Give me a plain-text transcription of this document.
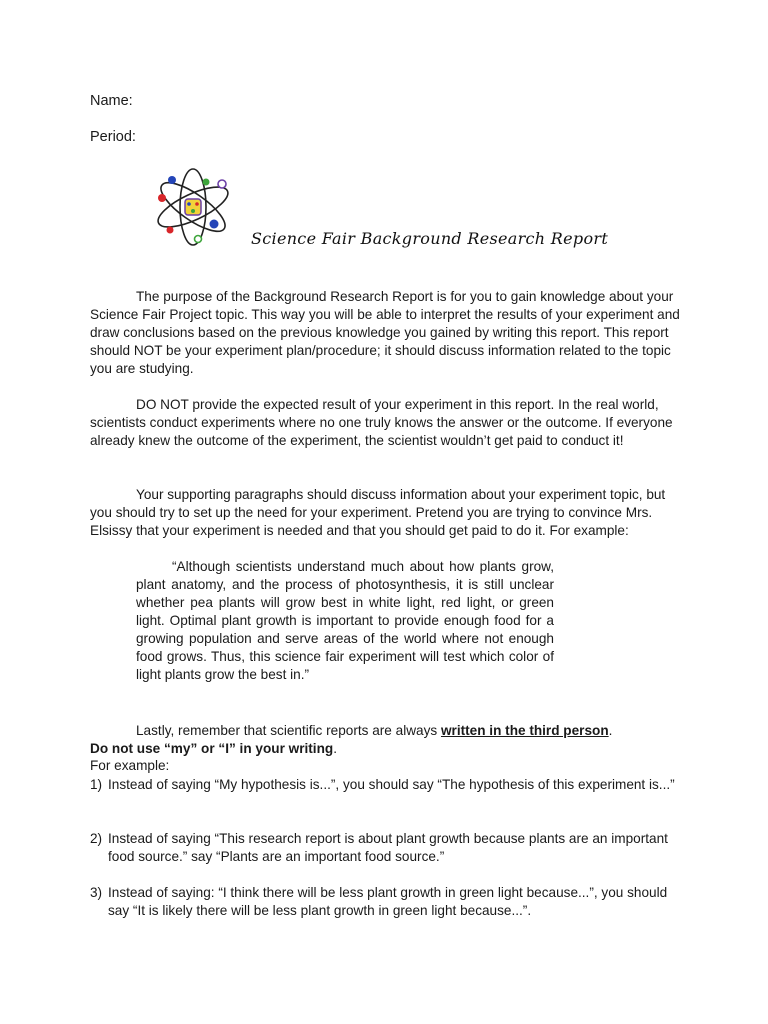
Name:
Period:
Science Fair Background Research Report

The purpose of the Background Research Report is for you to gain knowledge about your Science Fair Project topic. This way you will be able to interpret the results of your experiment and draw conclusions based on the previous knowledge you gained by writing this report. This report should NOT be your experiment plan/procedure; it should discuss information related to the topic you are studying.

DO NOT provide the expected result of your experiment in this report. In the real world, scientists conduct experiments where no one truly knows the answer or the outcome. If everyone already knew the outcome of the experiment, the scientist wouldn’t get paid to conduct it!

Your supporting paragraphs should discuss information about your experiment topic, but you should try to set up the need for your experiment. Pretend you are trying to convince Mrs. Elsissy that your experiment is needed and that you should get paid to do it. For example:

“Although scientists understand much about how plants grow, plant anatomy, and the process of photosynthesis, it is still unclear whether pea plants will grow best in white light, red light, or green light. Optimal plant growth is important to provide enough food for a growing population and serve areas of the world where not enough food grows. Thus, this science fair experiment will test which color of light plants grow the best in.”

Lastly, remember that scientific reports are always written in the third person.
Do not use “my” or “I” in your writing.

For example:
1) Instead of saying “My hypothesis is...”, you should say “The hypothesis of this experiment is...”
2) Instead of saying “This research report is about plant growth because plants are an important food source.” say “Plants are an important food source.”
3) Instead of saying: “I think there will be less plant growth in green light because...”, you should say “It is likely there will be less plant growth in green light because...”.
